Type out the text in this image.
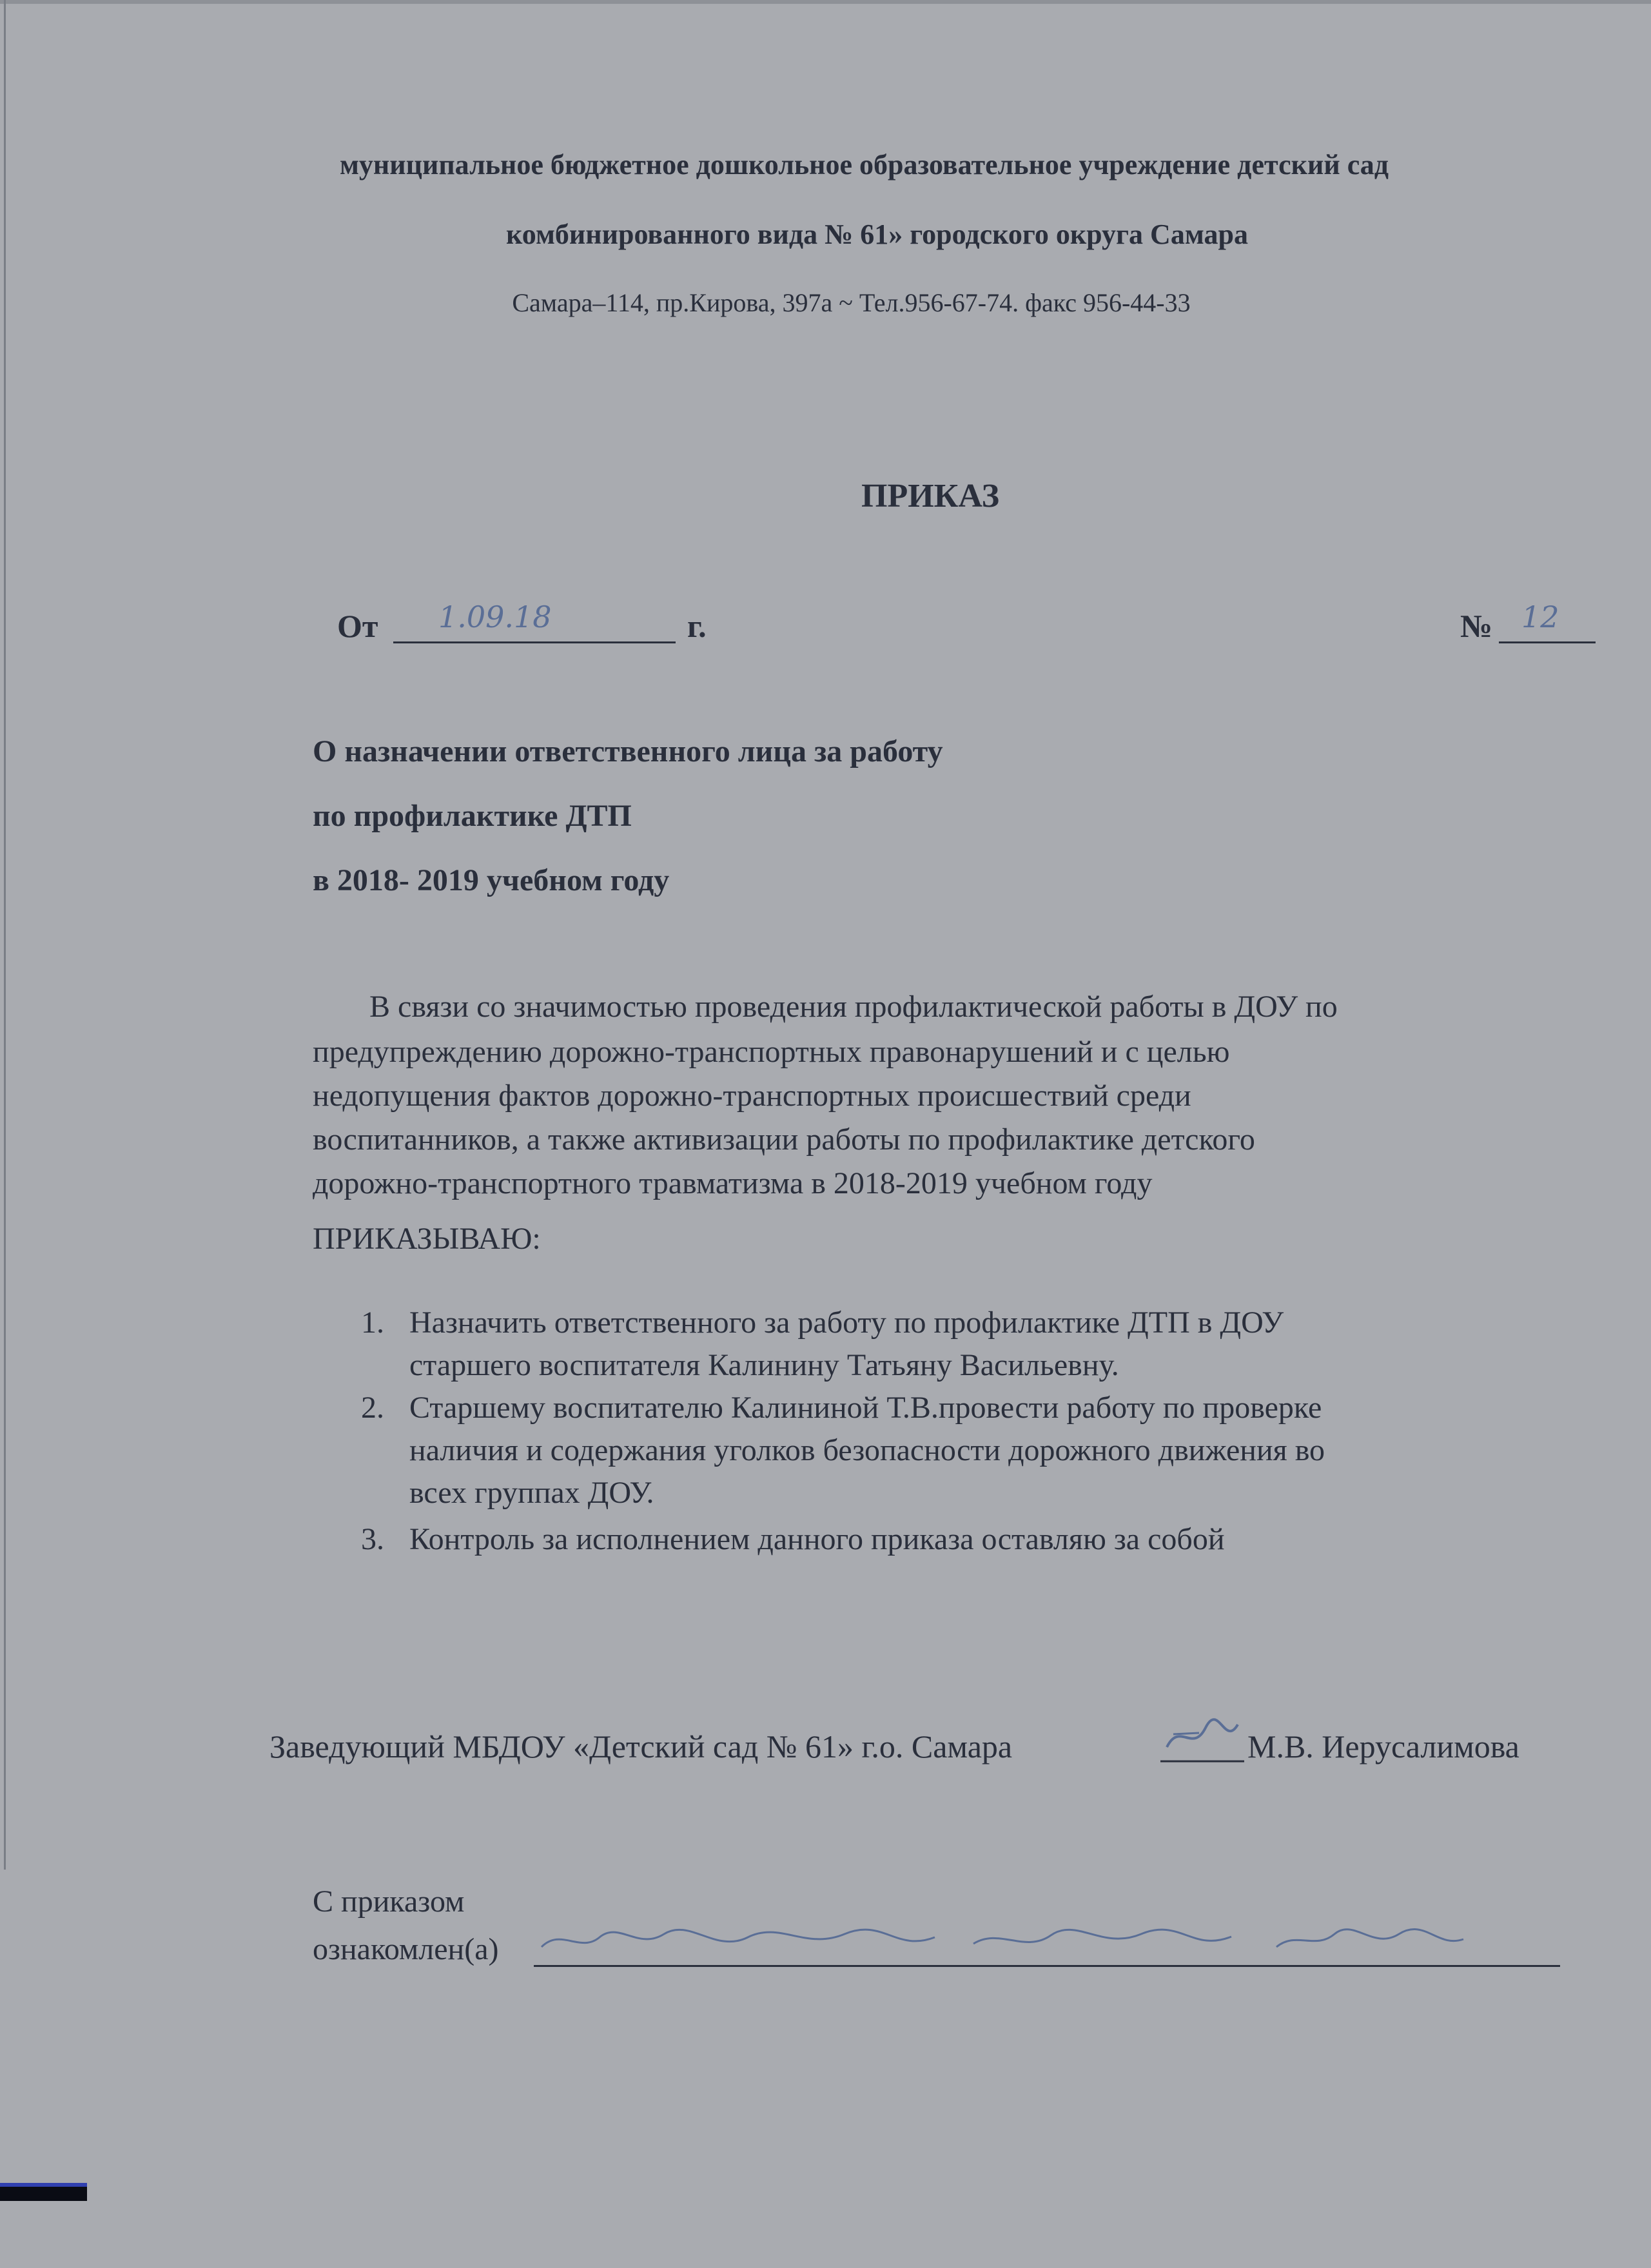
муниципальное бюджетное дошкольное образовательное учреждение детский сад
комбинированного вида № 61» городского округа Самара
Самара–114, пр.Кирова, 397а ~ Тел.956-67-74. факс 956-44-33
ПРИКАЗ
От 1.09.18	г.	№ 12
О назначении ответственного лица за работу
по профилактике ДТП
в 2018- 2019 учебном году
В связи со значимостью проведения профилактической работы в ДОУ по
предупреждению дорожно-транспортных правонарушений и с целью
недопущения фактов дорожно-транспортных происшествий среди
воспитанников, а также активизации работы по профилактике детского
дорожно-транспортного травматизма в 2018-2019 учебном году
ПРИКАЗЫВАЮ:
1. Назначить ответственного за работу по профилактике ДТП в ДОУ
старшего воспитателя Калинину Татьяну Васильевну.
2. Старшему воспитателю Калининой Т.В.провести работу по проверке
наличия и содержания уголков безопасности дорожного движения во
всех группах ДОУ.
3. Контроль за исполнением данного приказа оставляю за собой
Заведующий МБДОУ «Детский сад № 61» г.о. Самара	М.В. Иерусалимова
С приказом
ознакомлен(а)
